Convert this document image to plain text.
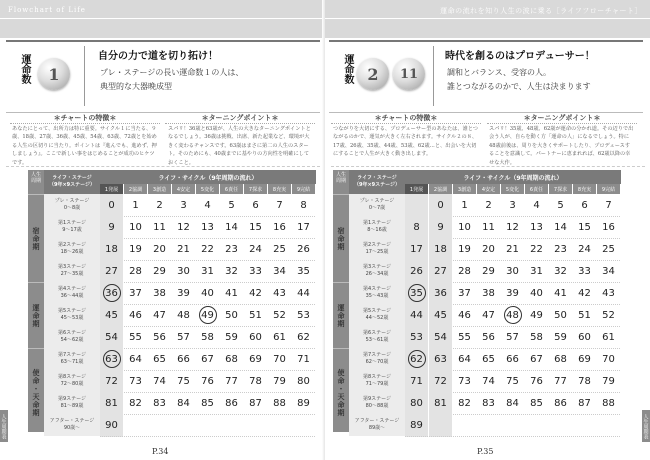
Flowchart of Life
運命数 1
自分の力で道を切り拓け！
プレ・ステージの長い運命数１の人は、
典型的な大器晩成型
＊チャートの特徴＊	＊ターニングポイント＊
あなたにとって、出所力は特に重要。サイクル１に当たる、９歳、18歳、27歳、36歳、45歳、54歳、63歳、72歳とを始める人生の区切りに当たり。ポイントは『進んでも、進めず、押しましょう』。ここで新しい事をはじめることが成功のヒケツです。
スパリ！36歳と63歳が、人生の大きなターニングポイントとなるでしょう。36歳は挑戦、出席、新た起業など、環境が大きく変わるチャンスです。63歳はまさに第二の人生のスタート。そのためにも、40歳までに基やりの方向性を明確にしておくこと。
人生
周期	ライフ・ステージ
（9年×9ステージ）
ライフ・サイクル（9年周期の流れ）
1発展	2協調	3創造	4安定	5変化	6責任	7探求	8充実	9完結
宿命期
運命期
使命・天命期
プレ・ステージ
0〜8歳	0 1 2 3 4 5 6 7 8
第1ステージ
9〜17歳	9 10 11 12 13 14 15 16 17
第2ステージ
18〜26歳	18 19 20 21 22 23 24 25 26
第3ステージ
27〜35歳	27 28 29 30 31 32 33 34 35
第4ステージ
36〜44歳	36 37 38 39 40 41 42 43 44
第5ステージ
45〜53歳	45 46 47 48 49 50 51 52 53
第6ステージ
54〜62歳	54 55 56 57 58 59 60 61 62
第7ステージ
63〜71歳	63 64 65 66 67 68 69 70 71
第8ステージ
72〜80歳	72 73 74 75 76 77 78 79 80
第9ステージ
81〜89歳	81 82 83 84 85 86 87 88 89
アフター・ステージ
90歳〜	90
P.34
人生周期表
運命の流れを知り人生の波に乗る［ライフフローチャート］
運命数 2 11
時代を創るのはプロデューサー！
調和とバランス、受容の人。
誰とつながるのかで、人生は決まります
＊チャートの特徴＊	＊ターニングポイント＊
つながりを大切にする、プロデューサー型のあなたは、誰とつながるのかで、運気が大きく左右されます。サイクル２の８、17歳、26歳、35歳、44歳、53歳、62歳…と、出会いを大切にすることで人生が大きく動き出します。
スパリ！35歳、48歳、62歳が運命の分かれ道。その辺りで出会う人が、自らを動く方「運命の人」になるでしょう。特に48歳前後は、周りを大きくサポートしたり、プロデュースすることを意識して。パートナーに恵まれれば、62歳以降の幸せな大作。
人生
周期	ライフ・ステージ
（9年×9ステージ）
ライフ・サイクル（9年周期の流れ）
1発展	2協調	3創造	4安定	5変化	6責任	7探求	8充実	9完結
宿命期
運命期
使命・天命期
プレ・ステージ
0〜7歳	0 1 2 3 4 5 6 7
第1ステージ
8〜16歳	8 9 10 11 12 13 14 15 16
第2ステージ
17〜25歳	17 18 19 20 21 22 23 24 25
第3ステージ
26〜34歳	26 27 28 29 30 31 32 33 34
第4ステージ
35〜43歳	35 36 37 38 39 40 41 42 43
第5ステージ
44〜52歳	44 45 46 47 48 49 50 51 52
第6ステージ
53〜61歳	53 54 55 56 57 58 59 60 61
第7ステージ
62〜70歳	62 63 64 65 66 67 68 69 70
第8ステージ
71〜79歳	71 72 73 74 75 76 77 78 79
第9ステージ
80〜88歳	80 81 82 83 84 85 86 87 88
アフター・ステージ
89歳〜	89
P.35
人生周期表
